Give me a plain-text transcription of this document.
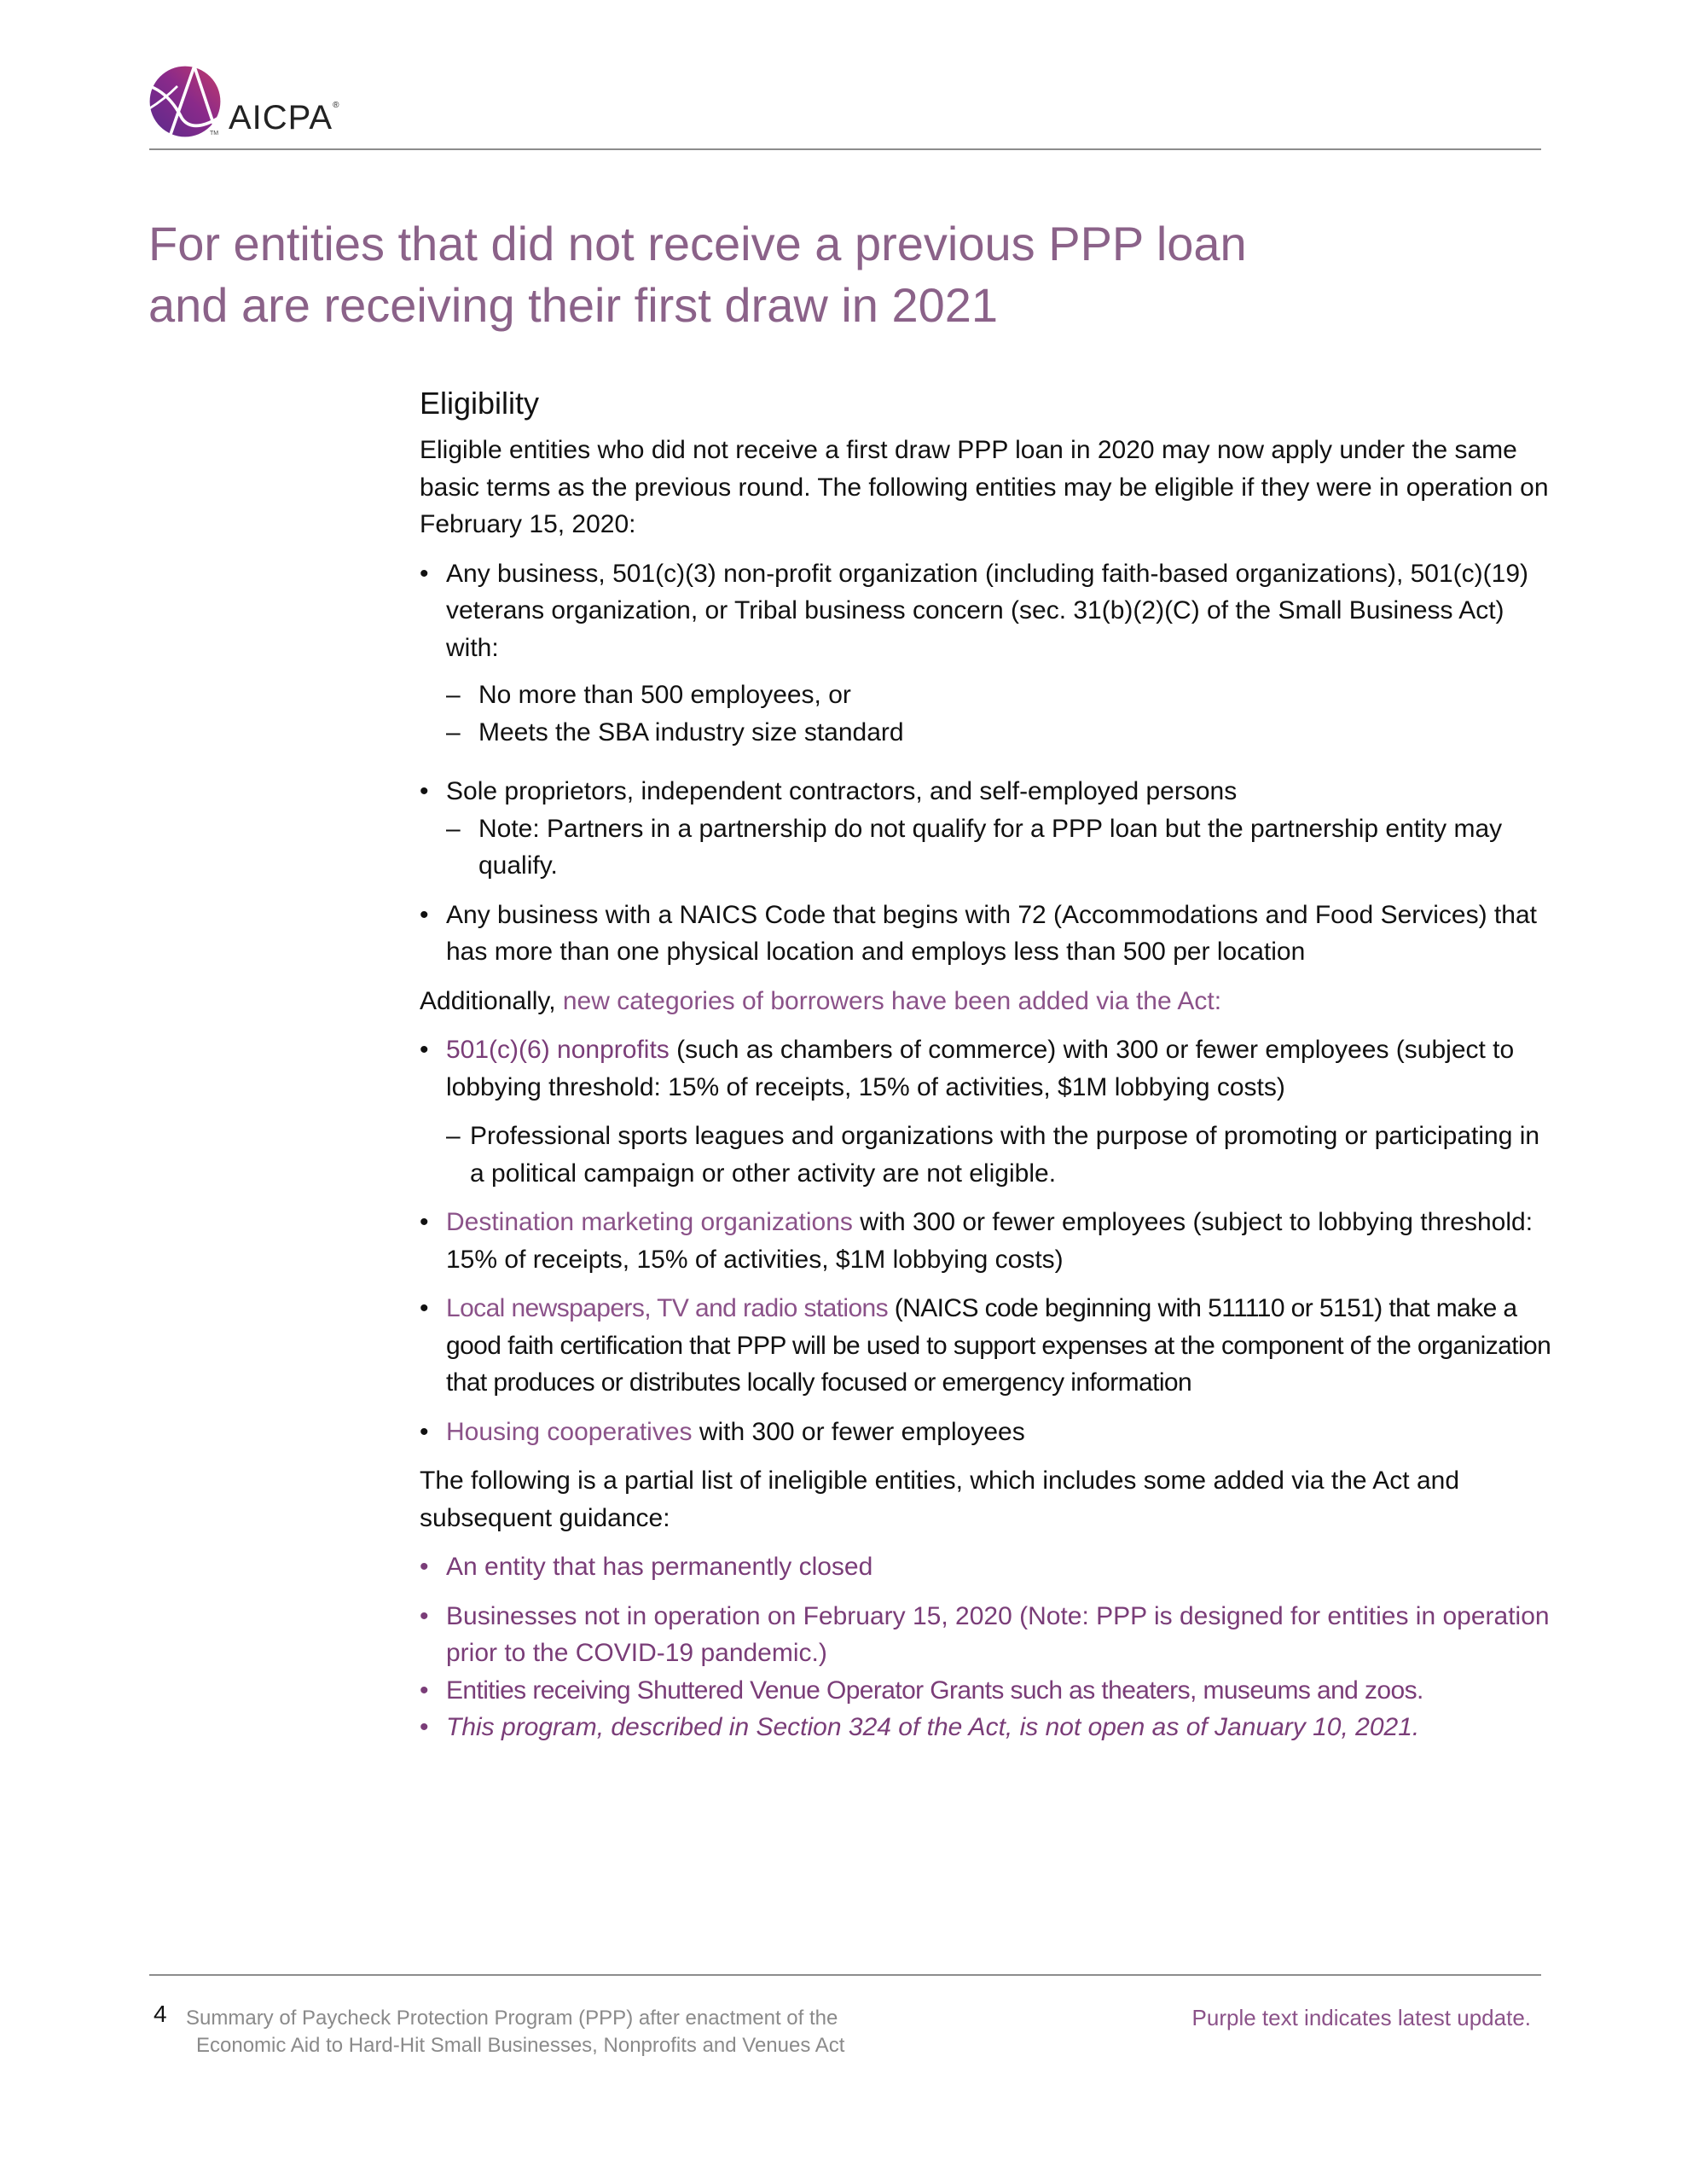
TM AICPA®
For entities that did not receive a previous PPP loan
and are receiving their first draw in 2021
Eligibility

Eligible entities who did not receive a first draw PPP loan in 2020 may now apply under the same basic terms as the previous round. The following entities may be eligible if they were in operation on February 15, 2020:

• Any business, 501(c)(3) non-profit organization (including faith-based organizations), 501(c)(19) veterans organization, or Tribal business concern (sec. 31(b)(2)(C) of the Small Business Act) with:
– No more than 500 employees, or
– Meets the SBA industry size standard
• Sole proprietors, independent contractors, and self-employed persons
– Note: Partners in a partnership do not qualify for a PPP loan but the partnership entity may qualify.
• Any business with a NAICS Code that begins with 72 (Accommodations and Food Services) that has more than one physical location and employs less than 500 per location

Additionally, new categories of borrowers have been added via the Act:

• 501(c)(6) nonprofits (such as chambers of commerce) with 300 or fewer employees (subject to lobbying threshold: 15% of receipts, 15% of activities, $1M lobbying costs)
– Professional sports leagues and organizations with the purpose of promoting or participating in a political campaign or other activity are not eligible.
• Destination marketing organizations with 300 or fewer employees (subject to lobbying threshold: 15% of receipts, 15% of activities, $1M lobbying costs)
• Local newspapers, TV and radio stations (NAICS code beginning with 511110 or 5151) that make a good faith certification that PPP will be used to support expenses at the component of the organization that produces or distributes locally focused or emergency information
• Housing cooperatives with 300 or fewer employees

The following is a partial list of ineligible entities, which includes some added via the Act and subsequent guidance:

• An entity that has permanently closed
• Businesses not in operation on February 15, 2020 (Note: PPP is designed for entities in operation prior to the COVID-19 pandemic.)
• Entities receiving Shuttered Venue Operator Grants such as theaters, museums and zoos.
• This program, described in Section 324 of the Act, is not open as of January 10, 2021.
4 Summary of Paycheck Protection Program (PPP) after enactment of the
Economic Aid to Hard-Hit Small Businesses, Nonprofits and Venues Act
Purple text indicates latest update.
